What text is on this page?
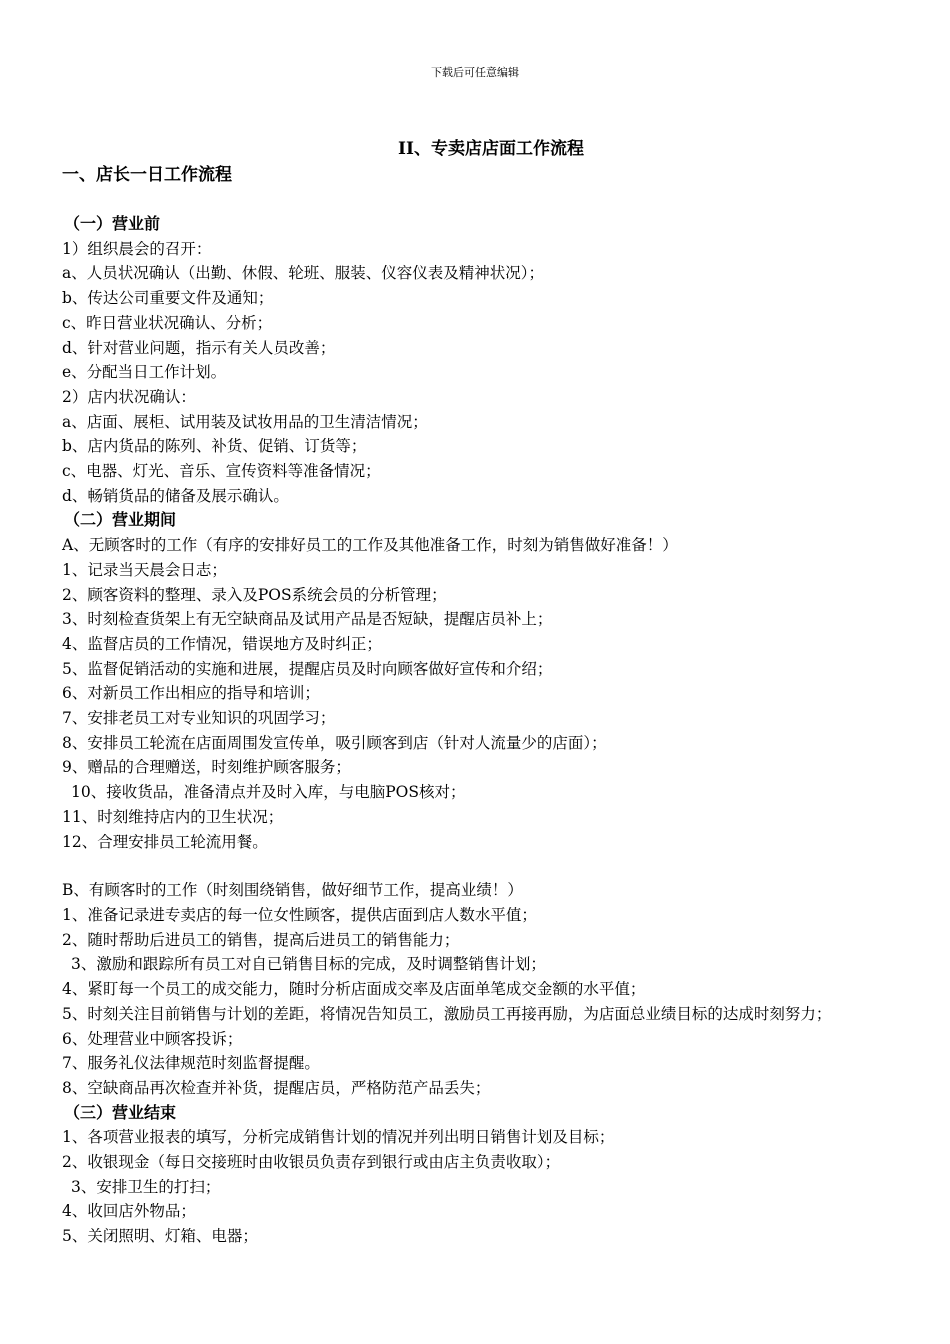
下载后可任意编辑
II、专卖店店面工作流程
一、店长一日工作流程
（一）营业前
1）组织晨会的召开：
a、人员状况确认（出勤、休假、轮班、服装、仪容仪表及精神状况）；
b、传达公司重要文件及通知；
c、昨日营业状况确认、分析；
d、针对营业问题，指示有关人员改善；
e、分配当日工作计划。
2）店内状况确认：
a、店面、展柜、试用装及试妆用品的卫生清洁情况；
b、店内货品的陈列、补货、促销、订货等；
c、电器、灯光、音乐、宣传资料等准备情况；
d、畅销货品的储备及展示确认。
（二）营业期间
A、无顾客时的工作（有序的安排好员工的工作及其他准备工作，时刻为销售做好准备！）
1、记录当天晨会日志；
2、顾客资料的整理、录入及POS系统会员的分析管理；
3、时刻检查货架上有无空缺商品及试用产品是否短缺，提醒店员补上；
4、监督店员的工作情况，错误地方及时纠正；
5、监督促销活动的实施和进展，提醒店员及时向顾客做好宣传和介绍；
6、对新员工作出相应的指导和培训；
7、安排老员工对专业知识的巩固学习；
8、安排员工轮流在店面周围发宣传单，吸引顾客到店（针对人流量少的店面）；
9、赠品的合理赠送，时刻维护顾客服务；
10、接收货品，准备清点并及时入库，与电脑POS核对；
11、时刻维持店内的卫生状况；
12、合理安排员工轮流用餐。
B、有顾客时的工作（时刻围绕销售，做好细节工作，提高业绩！）
1、准备记录进专卖店的每一位女性顾客，提供店面到店人数水平值；
2、随时帮助后进员工的销售，提高后进员工的销售能力；
3、激励和跟踪所有员工对自已销售目标的完成，及时调整销售计划；
4、紧盯每一个员工的成交能力，随时分析店面成交率及店面单笔成交金额的水平值；
5、时刻关注目前销售与计划的差距，将情况告知员工，激励员工再接再励，为店面总业绩目标的达成时刻努力；
6、处理营业中顾客投诉；
7、服务礼仪法律规范时刻监督提醒。
8、空缺商品再次检查并补货，提醒店员，严格防范产品丢失；
（三）营业结束
1、各项营业报表的填写，分析完成销售计划的情况并列出明日销售计划及目标；
2、收银现金（每日交接班时由收银员负责存到银行或由店主负责收取）；
3、安排卫生的打扫；
4、收回店外物品；
5、关闭照明、灯箱、电器；
